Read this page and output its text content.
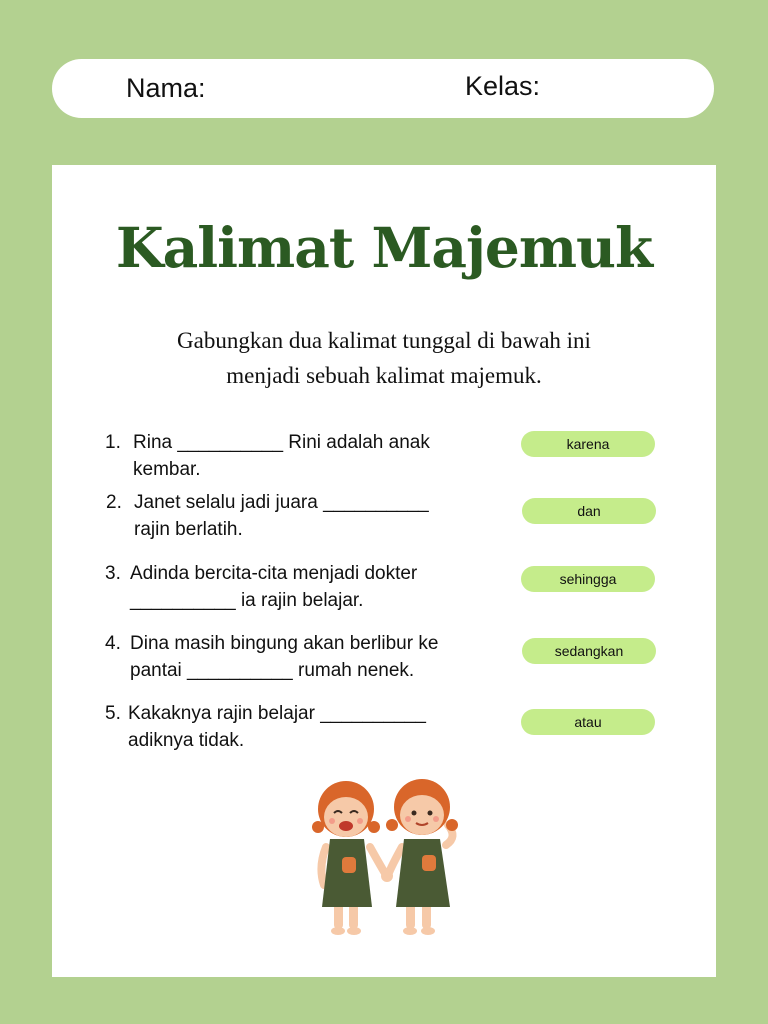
Nama:	Kelas:
Kalimat Majemuk
Gabungkan dua kalimat tunggal di bawah ini
menjadi sebuah kalimat majemuk.
1. Rina __________ Rini adalah anak
kembar.
2. Janet selalu jadi juara __________
rajin berlatih.
3. Adinda bercita-cita menjadi dokter
__________ ia rajin belajar.
4. Dina masih bingung akan berlibur ke
pantai __________ rumah nenek.
5. Kakaknya rajin belajar __________
adiknya tidak.
karena
dan
sehingga
sedangkan
atau
